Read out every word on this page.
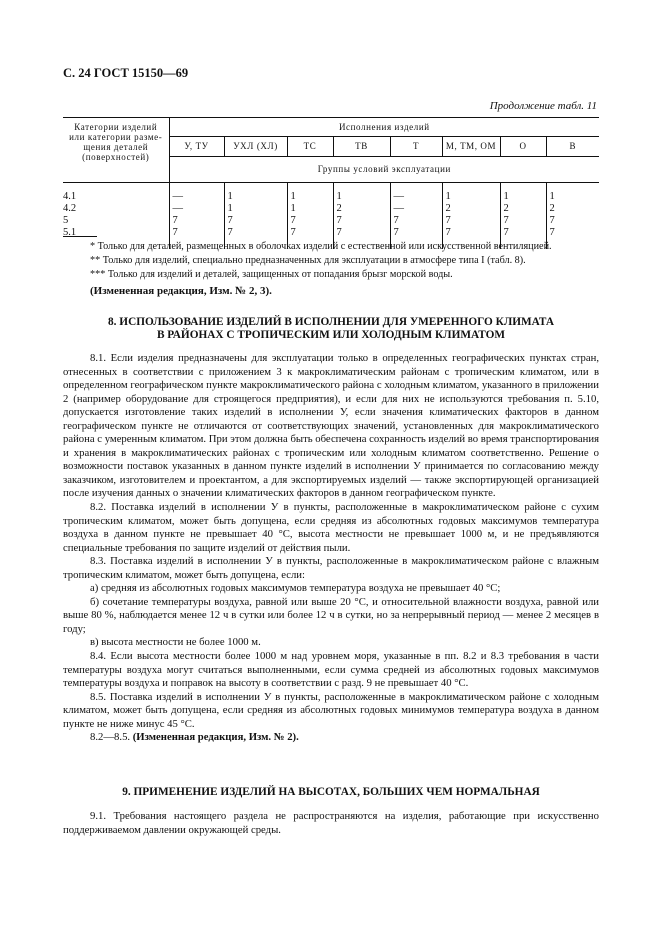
С. 24 ГОСТ 15150—69
Продолжение табл. 11
Категории изделий
или категории разме-
щения деталей
(поверхностей)	Исполнения изделий							
	У, ТУ	УХЛ (ХЛ)	ТС	ТВ	Т	М, ТМ, ОМ	О	В
	Группы условий эксплуатации							
4.1	—	1	1	1	—	1	1	1
4.2	—	1	1	2	—	2	2	2
5	7	7	7	7	7	7	7	7
5.1	7	7	7	7	7	7	7	7

* Только для деталей, размещенных в оболочках изделий с естественной или искусственной вентиляцией.

** Только для изделий, специально предназначенных для эксплуатации в атмосфере типа I (табл. 8).

*** Только для изделий и деталей, защищенных от попадания брызг морской воды.

(Измененная редакция, Изм. № 2, 3).

8. ИСПОЛЬЗОВАНИЕ ИЗДЕЛИЙ В ИСПОЛНЕНИИ ДЛЯ УМЕРЕННОГО КЛИМАТА
В РАЙОНАХ С ТРОПИЧЕСКИМ ИЛИ ХОЛОДНЫМ КЛИМАТОМ

8.1. Если изделия предназначены для эксплуатации только в определенных географических пунктах стран, отнесенных в соответствии с приложением 3 к макроклиматическим районам с тропическим климатом, или в определенном географическом пункте макроклиматического района с холодным климатом, указанного в приложении 2 (например оборудование для строящегося предприятия), и если для них не используются требования п. 5.10, допускается изготовление таких изделий в исполнении У, если значения климатических факторов в данном географическом пункте не отличаются от соответствующих значений, установленных для макроклиматического района с умеренным климатом. При этом должна быть обеспечена сохранность изделий во время транспортирования и хранения в макроклиматических районах с тропическим или холодным климатом соответственно. Решение о возможности поставок указанных в данном пункте изделий в исполнении У принимается по согласованию между заказчиком, изготовителем и проектантом, а для экспортируемых изделий — также экспортирующей организацией после изучения данных о значении климатических факторов в данном географическом пункте.

8.2. Поставка изделий в исполнении У в пункты, расположенные в макроклиматическом районе с сухим тропическим климатом, может быть допущена, если средняя из абсолютных годовых максимумов температура воздуха в данном пункте не превышает 40 °С, высота местности не превышает 1000 м, и не предъявляются специальные требования по защите изделий от действия пыли.

8.3. Поставка изделий в исполнении У в пункты, расположенные в макроклиматическом районе с влажным тропическим климатом, может быть допущена, если:

а) средняя из абсолютных годовых максимумов температура воздуха не превышает 40 °С;

б) сочетание температуры воздуха, равной или выше 20 °С, и относительной влажности воздуха, равной или выше 80 %, наблюдается менее 12 ч в сутки или более 12 ч в сутки, но за непрерывный период — менее 2 месяцев в году;

в) высота местности не более 1000 м.

8.4. Если высота местности более 1000 м над уровнем моря, указанные в пп. 8.2 и 8.3 требования в части температуры воздуха могут считаться выполненными, если сумма средней из абсолютных годовых максимумов температуры воздуха и поправок на высоту в соответствии с разд. 9 не превышает 40 °С.

8.5. Поставка изделий в исполнении У в пункты, расположенные в макроклиматическом районе с холодным климатом, может быть допущена, если средняя из абсолютных годовых минимумов температура воздуха в данном пункте не ниже минус 45 °С.

8.2—8.5. (Измененная редакция, Изм. № 2).

9. ПРИМЕНЕНИЕ ИЗДЕЛИЙ НА ВЫСОТАХ, БОЛЬШИХ ЧЕМ НОРМАЛЬНАЯ

9.1. Требования настоящего раздела не распространяются на изделия, работающие при искусственно поддерживаемом давлении окружающей среды.
